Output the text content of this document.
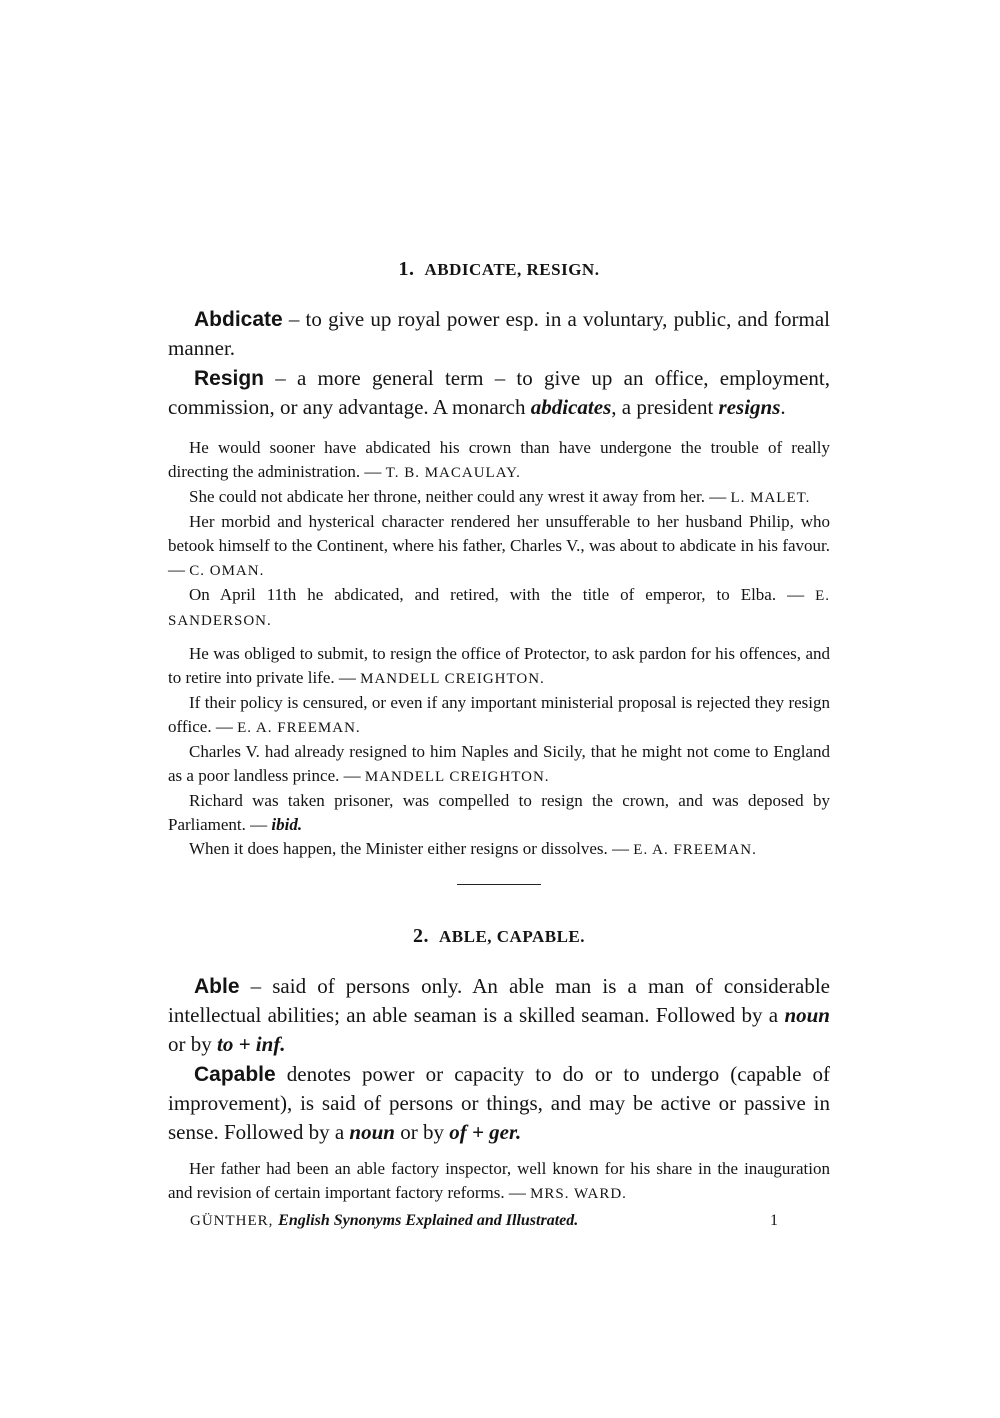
1. ABDICATE, RESIGN.

Abdicate – to give up royal power esp. in a voluntary, public, and formal manner.

Resign – a more general term – to give up an office, employment, commission, or any advantage. A monarch abdicates, a president resigns.

He would sooner have abdicated his crown than have undergone the trouble of really directing the administration. — T. B. MACAULAY.

She could not abdicate her throne, neither could any wrest it away from her. — L. MALET.

Her morbid and hysterical character rendered her unsufferable to her husband Philip, who betook himself to the Continent, where his father, Charles V., was about to abdicate in his favour. — C. OMAN.

On April 11th he abdicated, and retired, with the title of emperor, to Elba. — E. SANDERSON.

He was obliged to submit, to resign the office of Protector, to ask pardon for his offences, and to retire into private life. — MANDELL CREIGHTON.

If their policy is censured, or even if any important ministerial proposal is rejected they resign office. — E. A. FREEMAN.

Charles V. had already resigned to him Naples and Sicily, that he might not come to England as a poor landless prince. — MANDELL CREIGHTON.

Richard was taken prisoner, was compelled to resign the crown, and was deposed by Parliament. — ibid.

When it does happen, the Minister either resigns or dissolves. — E. A. FREEMAN.

2. ABLE, CAPABLE.

Able – said of persons only. An able man is a man of considerable intellectual abilities; an able seaman is a skilled seaman. Followed by a noun or by to + inf.

Capable denotes power or capacity to do or to undergo (capable of improvement), is said of persons or things, and may be active or passive in sense. Followed by a noun or by of + ger.

Her father had been an able factory inspector, well known for his share in the inauguration and revision of certain important factory reforms. — MRS. WARD.

GÜNTHER, English Synonyms Explained and Illustrated.	1
